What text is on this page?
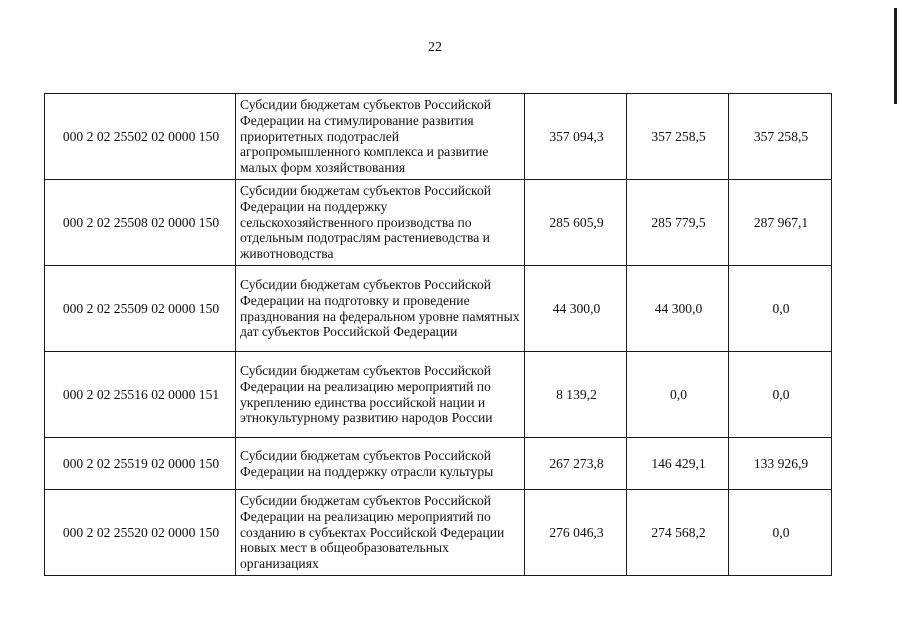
22
000 2 02 25502 02 0000 150	Субсидии бюджетам субъектов Российской Федерации на стимулирование развития приоритетных подотраслей агропромышленного комплекса и развитие малых форм хозяйствования	357 094,3	357 258,5	357 258,5
000 2 02 25508 02 0000 150	Субсидии бюджетам субъектов Российской Федерации на поддержку сельскохозяйственного производства по отдельным подотраслям растениеводства и животноводства	285 605,9	285 779,5	287 967,1
000 2 02 25509 02 0000 150	Субсидии бюджетам субъектов Российской Федерации на подготовку и проведение празднования на федеральном уровне памятных дат субъектов Российской Федерации	44 300,0	44 300,0	0,0
000 2 02 25516 02 0000 151	Субсидии бюджетам субъектов Российской Федерации на реализацию мероприятий по укреплению единства российской нации и этнокультурному развитию народов России	8 139,2	0,0	0,0
000 2 02 25519 02 0000 150	Субсидии бюджетам субъектов Российской Федерации на поддержку отрасли культуры	267 273,8	146 429,1	133 926,9
000 2 02 25520 02 0000 150	Субсидии бюджетам субъектов Российской Федерации на реализацию мероприятий по созданию в субъектах Российской Федерации новых мест в общеобразовательных организациях	276 046,3	274 568,2	0,0
